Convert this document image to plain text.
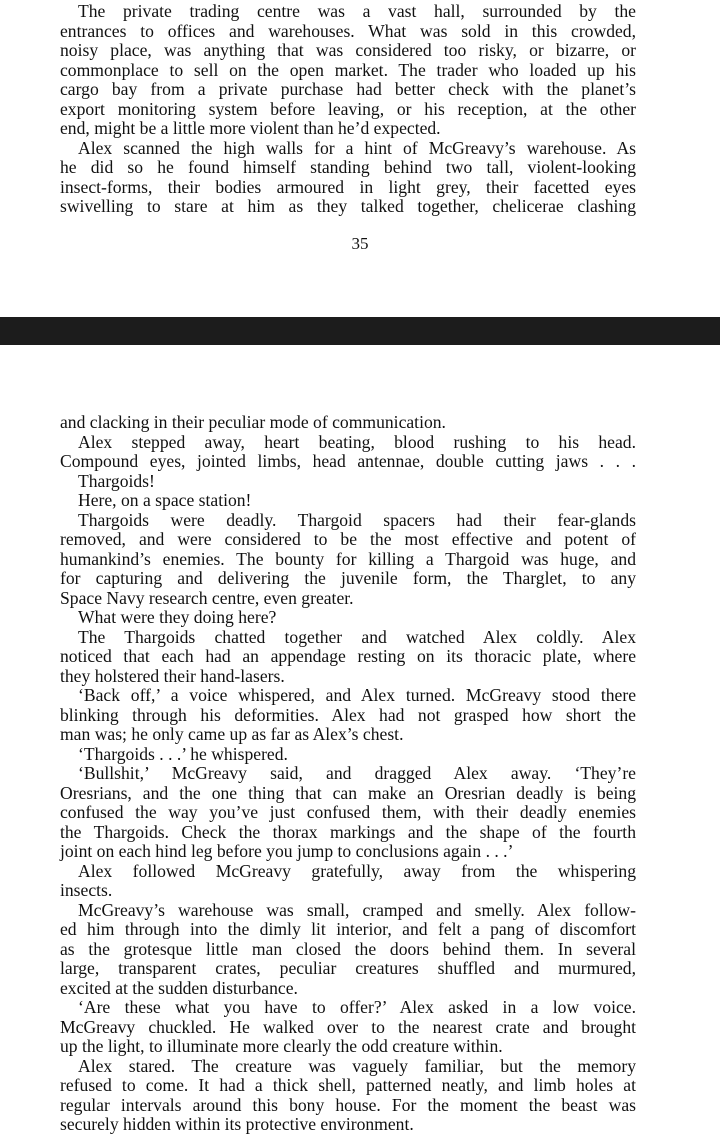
The private trading centre was a vast hall, surrounded by the
entrances to offices and warehouses. What was sold in this crowded,
noisy place, was anything that was considered too risky, or bizarre, or
commonplace to sell on the open market. The trader who loaded up his
cargo bay from a private purchase had better check with the planet’s
export monitoring system before leaving, or his reception, at the other
end, might be a little more violent than he’d expected.
Alex scanned the high walls for a hint of McGreavy’s warehouse. As
he did so he found himself standing behind two tall, violent-looking
insect-forms, their bodies armoured in light grey, their facetted eyes
swivelling to stare at him as they talked together, chelicerae clashing
35
and clacking in their peculiar mode of communication.
Alex stepped away, heart beating, blood rushing to his head.
Compound eyes, jointed limbs, head antennae, double cutting jaws . . .
Thargoids!
Here, on a space station!
Thargoids were deadly. Thargoid spacers had their fear-glands
removed, and were considered to be the most effective and potent of
humankind’s enemies. The bounty for killing a Thargoid was huge, and
for capturing and delivering the juvenile form, the Tharglet, to any
Space Navy research centre, even greater.
What were they doing here?
The Thargoids chatted together and watched Alex coldly. Alex
noticed that each had an appendage resting on its thoracic plate, where
they holstered their hand-lasers.
‘Back off,’ a voice whispered, and Alex turned. McGreavy stood there
blinking through his deformities. Alex had not grasped how short the
man was; he only came up as far as Alex’s chest.
‘Thargoids . . .’ he whispered.
‘Bullshit,’ McGreavy said, and dragged Alex away. ‘They’re
Oresrians, and the one thing that can make an Oresrian deadly is being
confused the way you’ve just confused them, with their deadly enemies
the Thargoids. Check the thorax markings and the shape of the fourth
joint on each hind leg before you jump to conclusions again . . .’
Alex followed McGreavy gratefully, away from the whispering
insects.
McGreavy’s warehouse was small, cramped and smelly. Alex follow-
ed him through into the dimly lit interior, and felt a pang of discomfort
as the grotesque little man closed the doors behind them. In several
large, transparent crates, peculiar creatures shuffled and murmured,
excited at the sudden disturbance.
‘Are these what you have to offer?’ Alex asked in a low voice.
McGreavy chuckled. He walked over to the nearest crate and brought
up the light, to illuminate more clearly the odd creature within.
Alex stared. The creature was vaguely familiar, but the memory
refused to come. It had a thick shell, patterned neatly, and limb holes at
regular intervals around this bony house. For the moment the beast was
securely hidden within its protective environment.
